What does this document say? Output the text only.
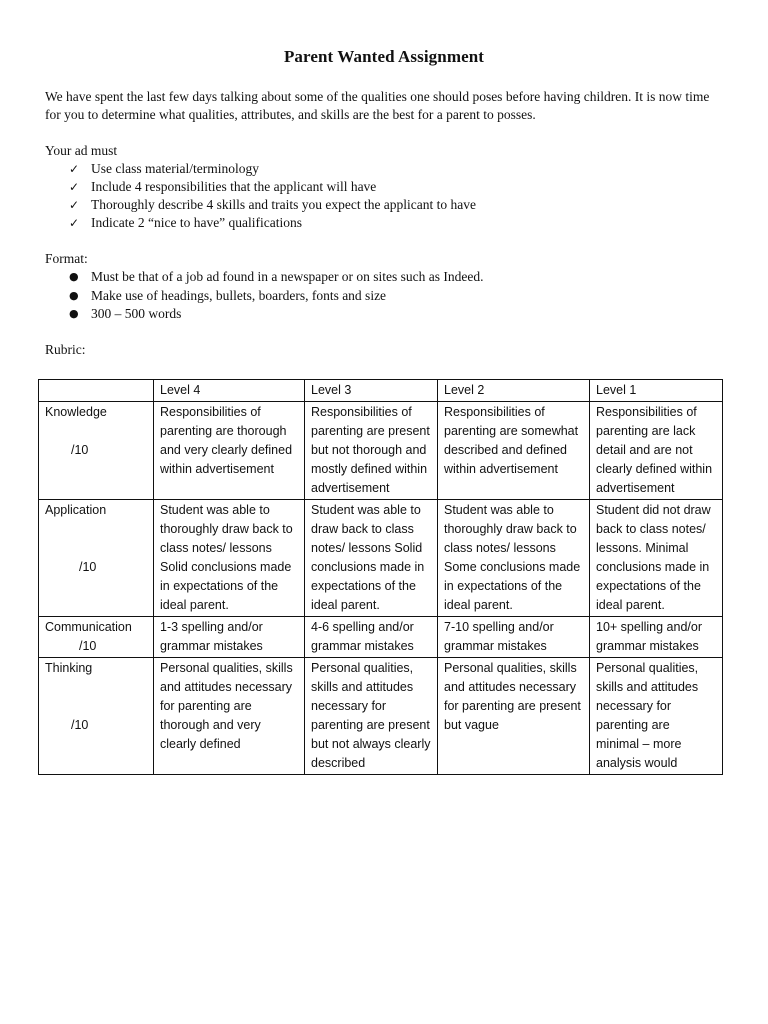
Parent Wanted Assignment

We have spent the last few days talking about some of the qualities one should poses before having children. It is now time for you to determine what qualities, attributes, and skills are the best for a parent to posses.

Your ad must

✓ Use class material/terminology
✓ Include 4 responsibilities that the applicant will have
✓ Thoroughly describe 4 skills and traits you expect the applicant to have
✓ Indicate 2 “nice to have” qualifications

Format:

● Must be that of a job ad found in a newspaper or on sites such as Indeed.
● Make use of headings, bullets, boarders, fonts and size
● 300 – 500 words

Rubric:

	Level 4	Level 3	Level 2	Level 1

Knowledge
/10	Responsibilities of parenting are thorough and very clearly defined within advertisement	Responsibilities of parenting are present but not thorough and mostly defined within advertisement	Responsibilities of parenting are somewhat described and defined within advertisement	Responsibilities of parenting are lack detail and are not clearly defined within advertisement

Application
/10	Student was able to thoroughly draw back to class notes/ lessons Solid conclusions made in expectations of the ideal parent.	Student was able to draw back to class notes/ lessons Solid conclusions made in expectations of the ideal parent.	Student was able to thoroughly draw back to class notes/ lessons Some conclusions made in expectations of the ideal parent.	Student did not draw back to class notes/ lessons. Minimal conclusions made in expectations of the ideal parent.

Communication
/10	1-3 spelling and/or grammar mistakes	4-6 spelling and/or grammar mistakes	7-10 spelling and/or grammar mistakes	10+ spelling and/or grammar mistakes

Thinking
/10	Personal qualities, skills and attitudes necessary for parenting are thorough and very clearly defined	Personal qualities, skills and attitudes necessary for parenting are present but not always clearly described	Personal qualities, skills and attitudes necessary for parenting are present but vague	Personal qualities, skills and attitudes necessary for parenting are minimal – more analysis would
